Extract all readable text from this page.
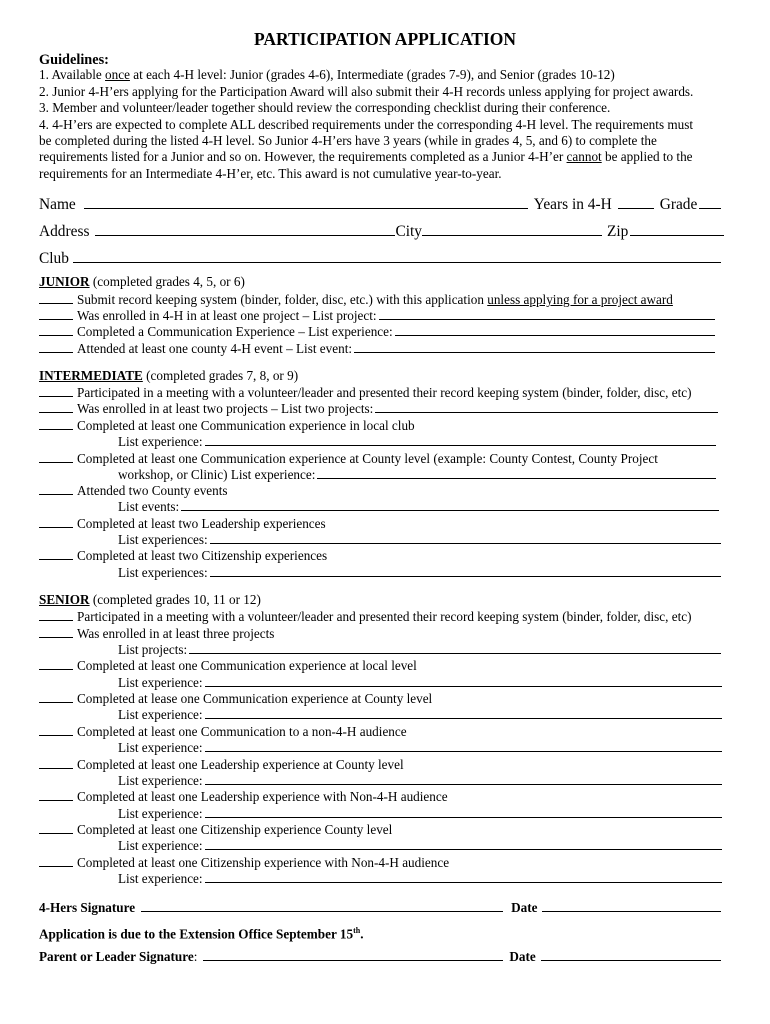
PARTICIPATION APPLICATION
Guidelines:
1. Available once at each 4-H level: Junior (grades 4-6), Intermediate (grades 7-9), and Senior (grades 10-12)
2. Junior 4-H’ers applying for the Participation Award will also submit their 4-H records unless applying for project awards.
3. Member and volunteer/leader together should review the corresponding checklist during their conference.
4. 4-H’ers are expected to complete ALL described requirements under the corresponding 4-H level. The requirements must
be completed during the listed 4-H level. So Junior 4-H’ers have 3 years (while in grades 4, 5, and 6) to complete the
requirements listed for a Junior and so on. However, the requirements completed as a Junior 4-H’er cannot be applied to the
requirements for an Intermediate 4-H’er, etc. This award is not cumulative year-to-year.
Name	Years in 4-H	Grade
Address	City	Zip
Club
JUNIOR (completed grades 4, 5, or 6)
Submit record keeping system (binder, folder, disc, etc.) with this application unless applying for a project award
Was enrolled in 4-H in at least one project – List project:
Completed a Communication Experience – List experience:
Attended at least one county 4-H event – List event:
INTERMEDIATE (completed grades 7, 8, or 9)
Participated in a meeting with a volunteer/leader and presented their record keeping system (binder, folder, disc, etc)
Was enrolled in at least two projects – List two projects:
Completed at least one Communication experience in local club
List experience:
Completed at least one Communication experience at County level (example: County Contest, County Project
workshop, or Clinic) List experience:
Attended two County events
List events:
Completed at least two Leadership experiences
List experiences:
Completed at least two Citizenship experiences
List experiences:
SENIOR (completed grades 10, 11 or 12)
Participated in a meeting with a volunteer/leader and presented their record keeping system (binder, folder, disc, etc)
Was enrolled in at least three projects
List projects:
Completed at least one Communication experience at local level
List experience:
Completed at lease one Communication experience at County level
List experience:
Completed at least one Communication to a non-4-H audience
List experience:
Completed at least one Leadership experience at County level
List experience:
Completed at least one Leadership experience with Non-4-H audience
List experience:
Completed at least one Citizenship experience County level
List experience:
Completed at least one Citizenship experience with Non-4-H audience
List experience:
4-Hers Signature	Date
Application is due to the Extension Office September 15th.
Parent or Leader Signature :	Date
